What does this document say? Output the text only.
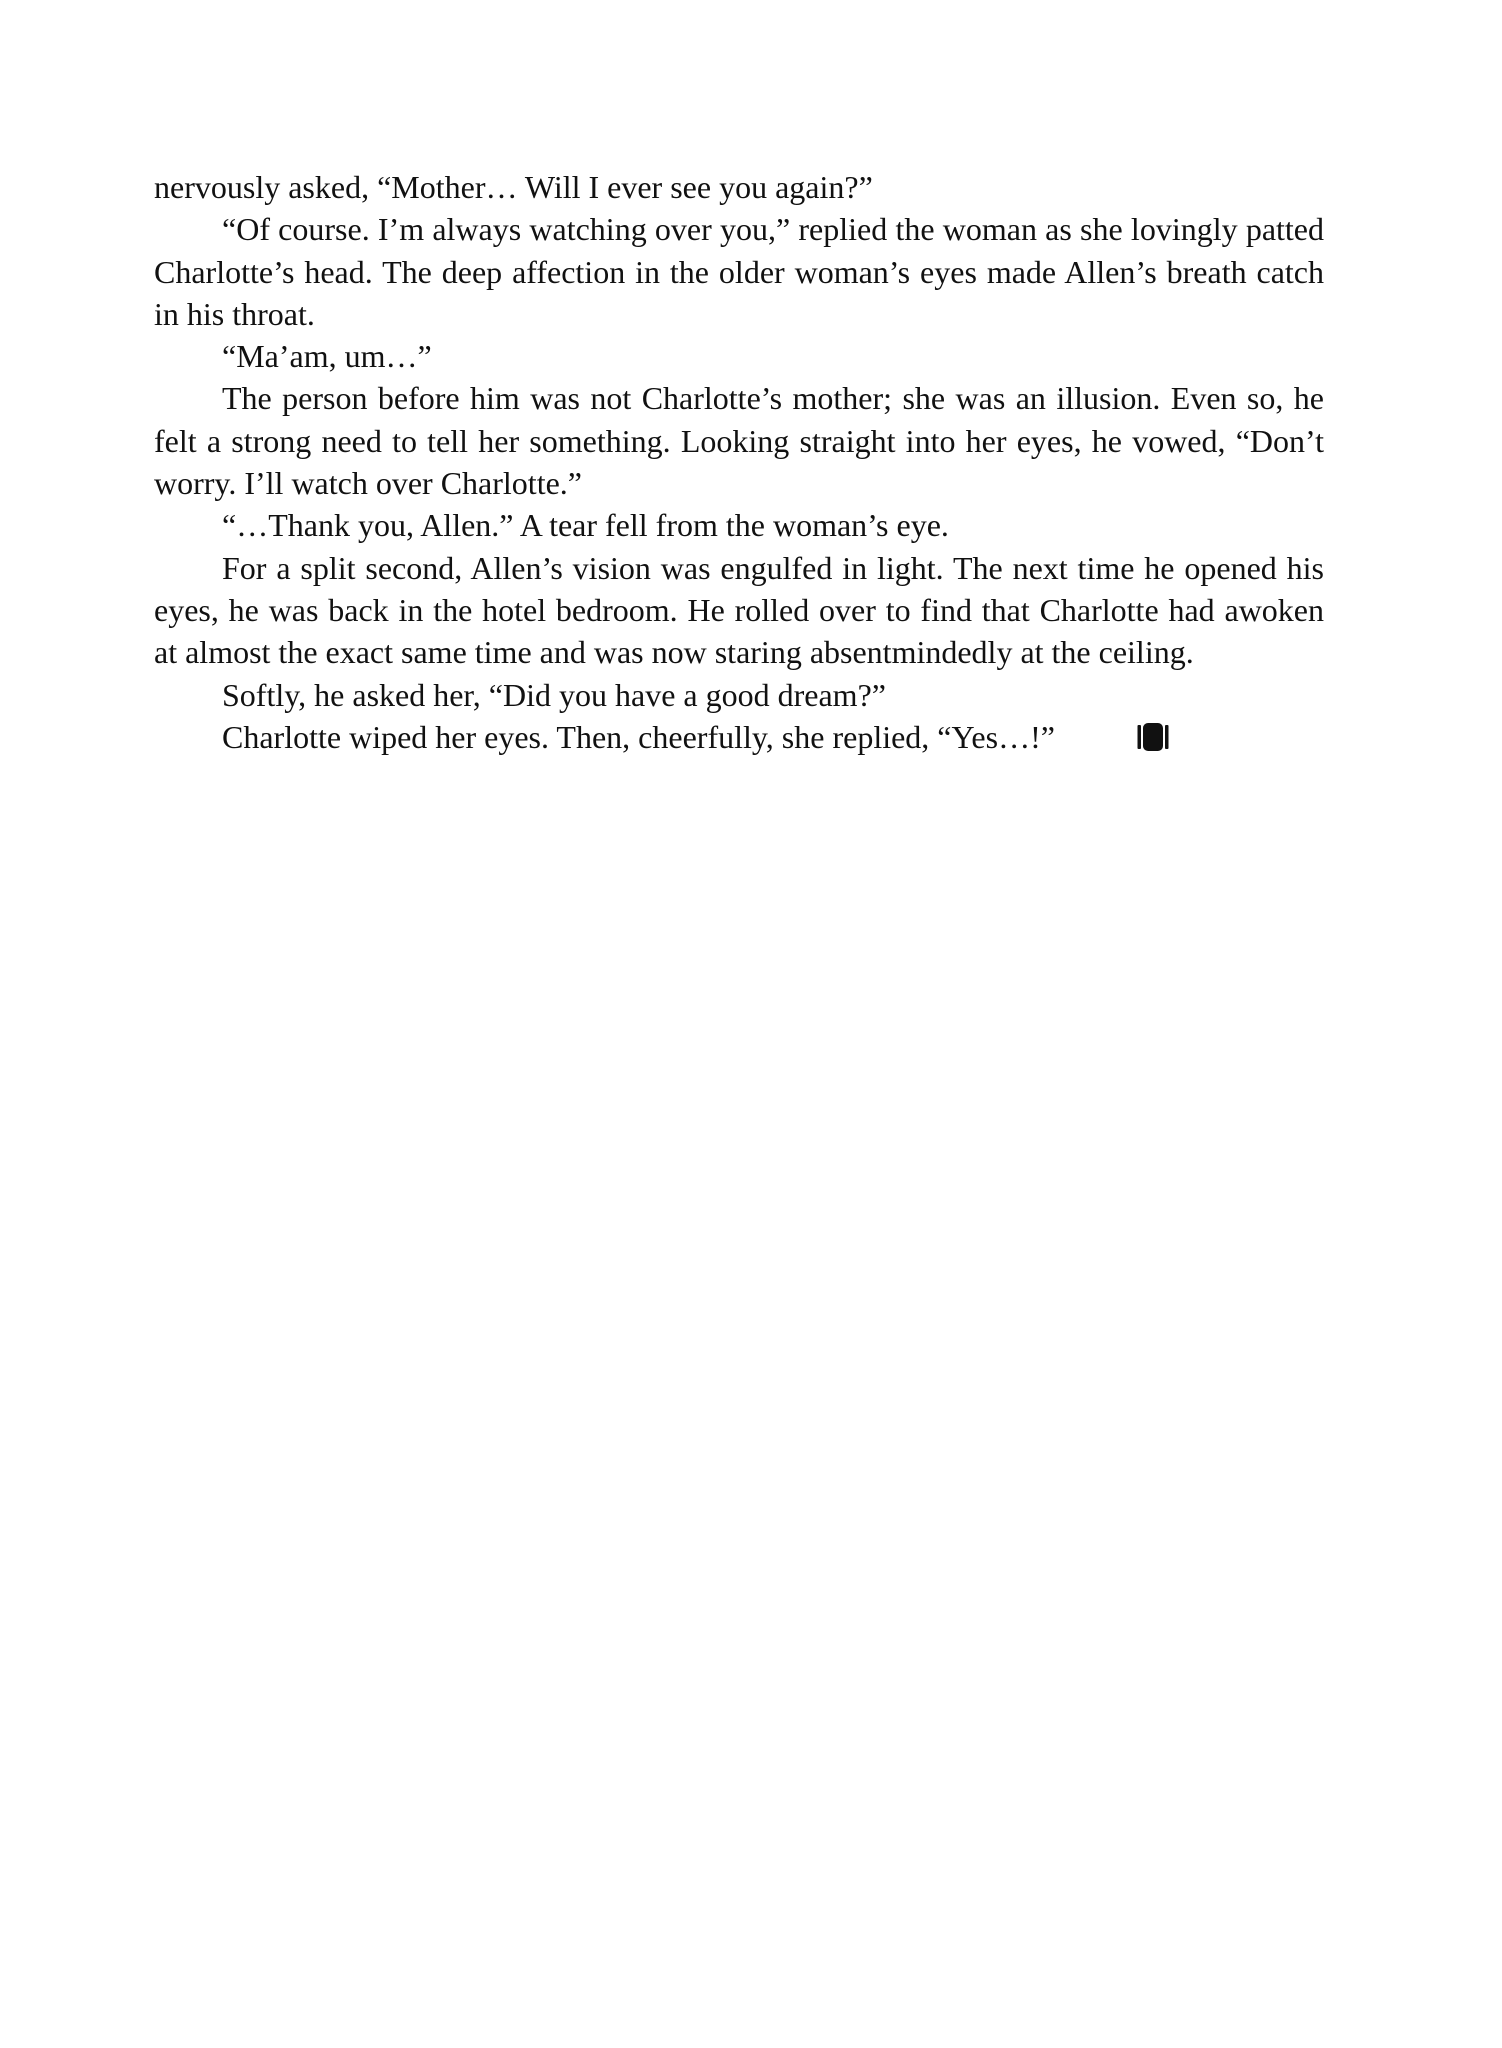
nervously asked, “Mother… Will I ever see you again?”

“Of course. I’m always watching over you,” replied the woman as she lovingly patted Charlotte’s head. The deep affection in the older woman’s eyes made Allen’s breath catch in his throat.

“Ma’am, um…”

The person before him was not Charlotte’s mother; she was an illusion. Even so, he felt a strong need to tell her something. Looking straight into her eyes, he vowed, “Don’t worry. I’ll watch over Charlotte.”

“…Thank you, Allen.” A tear fell from the woman’s eye.

For a split second, Allen’s vision was engulfed in light. The next time he opened his eyes, he was back in the hotel bedroom. He rolled over to find that Charlotte had awoken at almost the exact same time and was now staring absentmindedly at the ceiling.

Softly, he asked her, “Did you have a good dream?”

Charlotte wiped her eyes. Then, cheerfully, she replied, “Yes…!”
